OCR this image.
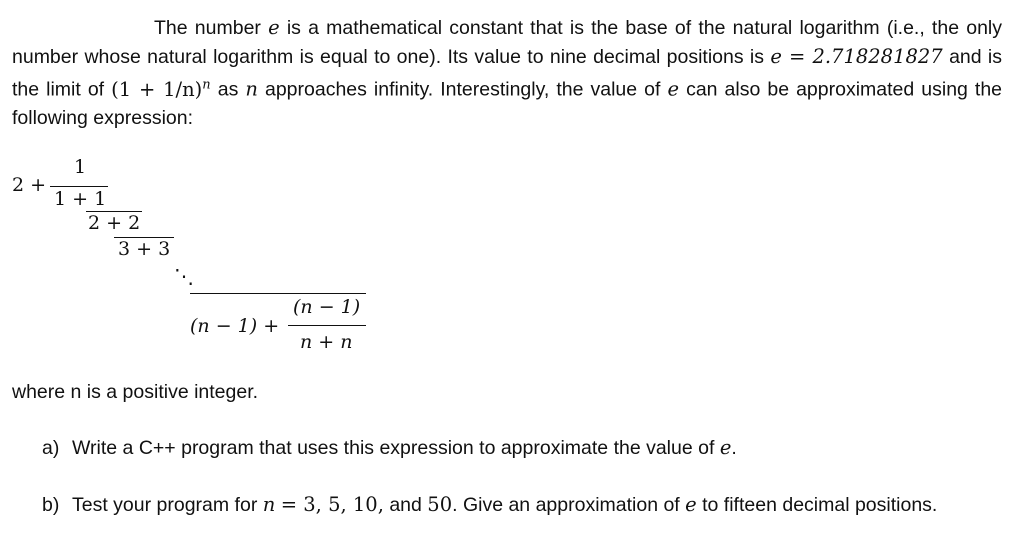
The number e is a mathematical constant that is the base of the natural logarithm (i.e., the only number whose natural logarithm is equal to one). Its value to nine decimal positions is e = 2.718281827 and is the limit of $(1 + 1/n)^n$ as n approaches infinity. Interestingly, the value of e can also be approximated using the following expression:
2 +
1
1 + 1
2 + 2
3 + 3
⋱
(n − 1)
(n − 1) +
n + n
where n is a positive integer.
a) Write a C++ program that uses this expression to approximate the value of e.
b) Test your program for n = 3, 5, 10, and 50. Give an approximation of e to fifteen decimal positions.
